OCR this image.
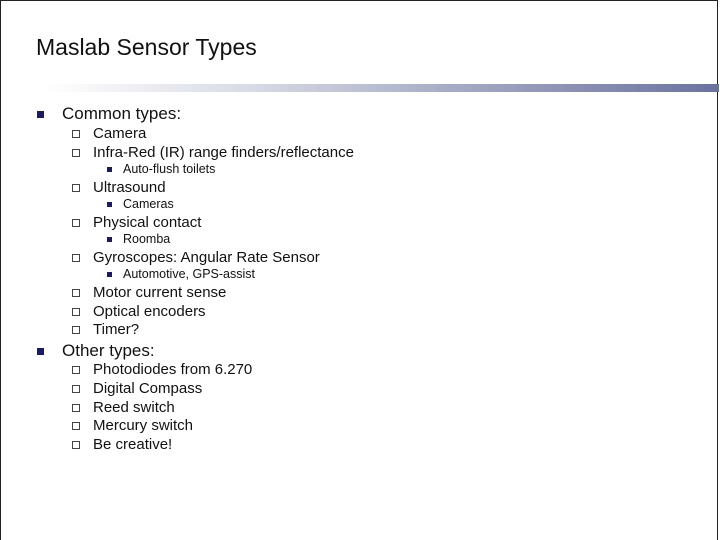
Maslab Sensor Types
Common types:
Camera
Infra-Red (IR) range finders/reflectance
Auto-flush toilets
Ultrasound
Cameras
Physical contact
Roomba
Gyroscopes: Angular Rate Sensor
Automotive, GPS-assist
Motor current sense
Optical encoders
Timer?
Other types:
Photodiodes from 6.270
Digital Compass
Reed switch
Mercury switch
Be creative!
